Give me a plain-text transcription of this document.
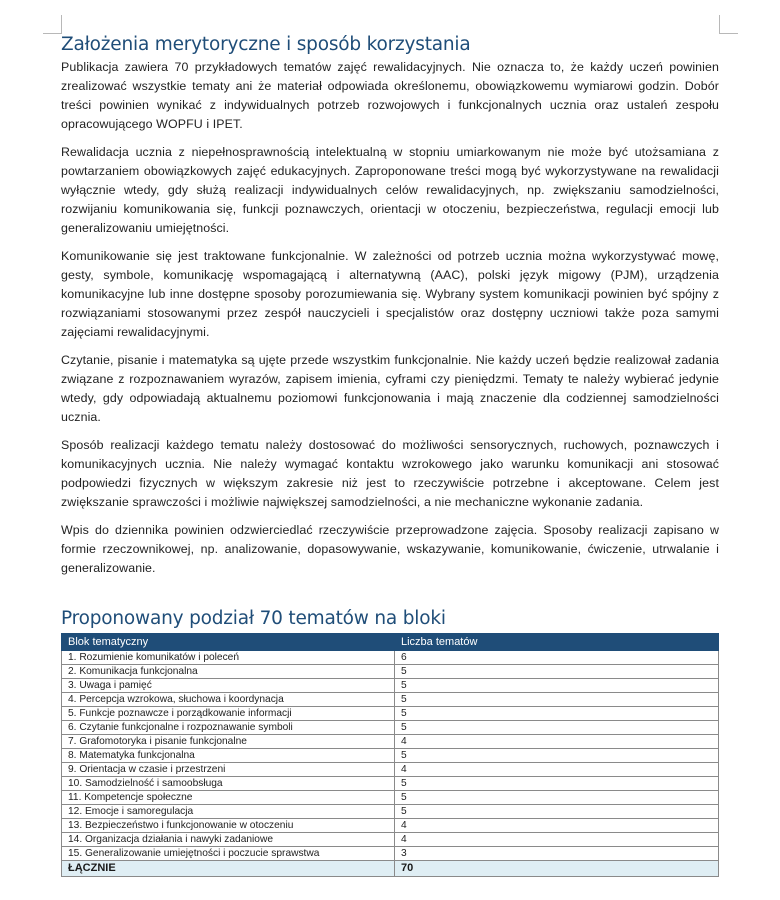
Założenia merytoryczne i sposób korzystania

Publikacja zawiera 70 przykładowych tematów zajęć rewalidacyjnych. Nie oznacza to, że każdy uczeń powinien zrealizować wszystkie tematy ani że materiał odpowiada określonemu, obowiązkowemu wymiarowi godzin. Dobór treści powinien wynikać z indywidualnych potrzeb rozwojowych i funkcjonalnych ucznia oraz ustaleń zespołu opracowującego WOPFU i IPET.

Rewalidacja ucznia z niepełnosprawnością intelektualną w stopniu umiarkowanym nie może być utożsamiana z powtarzaniem obowiązkowych zajęć edukacyjnych. Zaproponowane treści mogą być wykorzystywane na rewalidacji wyłącznie wtedy, gdy służą realizacji indywidualnych celów rewalidacyjnych, np. zwiększaniu samodzielności, rozwijaniu komunikowania się, funkcji poznawczych, orientacji w otoczeniu, bezpieczeństwa, regulacji emocji lub generalizowaniu umiejętności.

Komunikowanie się jest traktowane funkcjonalnie. W zależności od potrzeb ucznia można wykorzystywać mowę, gesty, symbole, komunikację wspomagającą i alternatywną (AAC), polski język migowy (PJM), urządzenia komunikacyjne lub inne dostępne sposoby porozumiewania się. Wybrany system komunikacji powinien być spójny z rozwiązaniami stosowanymi przez zespół nauczycieli i specjalistów oraz dostępny uczniowi także poza samymi zajęciami rewalidacyjnymi.

Czytanie, pisanie i matematyka są ujęte przede wszystkim funkcjonalnie. Nie każdy uczeń będzie realizował zadania związane z rozpoznawaniem wyrazów, zapisem imienia, cyframi czy pieniędzmi. Tematy te należy wybierać jedynie wtedy, gdy odpowiadają aktualnemu poziomowi funkcjonowania i mają znaczenie dla codziennej samodzielności ucznia.

Sposób realizacji każdego tematu należy dostosować do możliwości sensorycznych, ruchowych, poznawczych i komunikacyjnych ucznia. Nie należy wymagać kontaktu wzrokowego jako warunku komunikacji ani stosować podpowiedzi fizycznych w większym zakresie niż jest to rzeczywiście potrzebne i akceptowane. Celem jest zwiększanie sprawczości i możliwie największej samodzielności, a nie mechaniczne wykonanie zadania.

Wpis do dziennika powinien odzwierciedlać rzeczywiście przeprowadzone zajęcia. Sposoby realizacji zapisano w formie rzeczownikowej, np. analizowanie, dopasowywanie, wskazywanie, komunikowanie, ćwiczenie, utrwalanie i generalizowanie.

Proponowany podział 70 tematów na bloki
Blok tematyczny	Liczba tematów
1. Rozumienie komunikatów i poleceń	6
2. Komunikacja funkcjonalna	5
3. Uwaga i pamięć	5
4. Percepcja wzrokowa, słuchowa i koordynacja	5
5. Funkcje poznawcze i porządkowanie informacji	5
6. Czytanie funkcjonalne i rozpoznawanie symboli	5
7. Grafomotoryka i pisanie funkcjonalne	4
8. Matematyka funkcjonalna	5
9. Orientacja w czasie i przestrzeni	4
10. Samodzielność i samoobsługa	5
11. Kompetencje społeczne	5
12. Emocje i samoregulacja	5
13. Bezpieczeństwo i funkcjonowanie w otoczeniu	4
14. Organizacja działania i nawyki zadaniowe	4
15. Generalizowanie umiejętności i poczucie sprawstwa	3
ŁĄCZNIE	70
